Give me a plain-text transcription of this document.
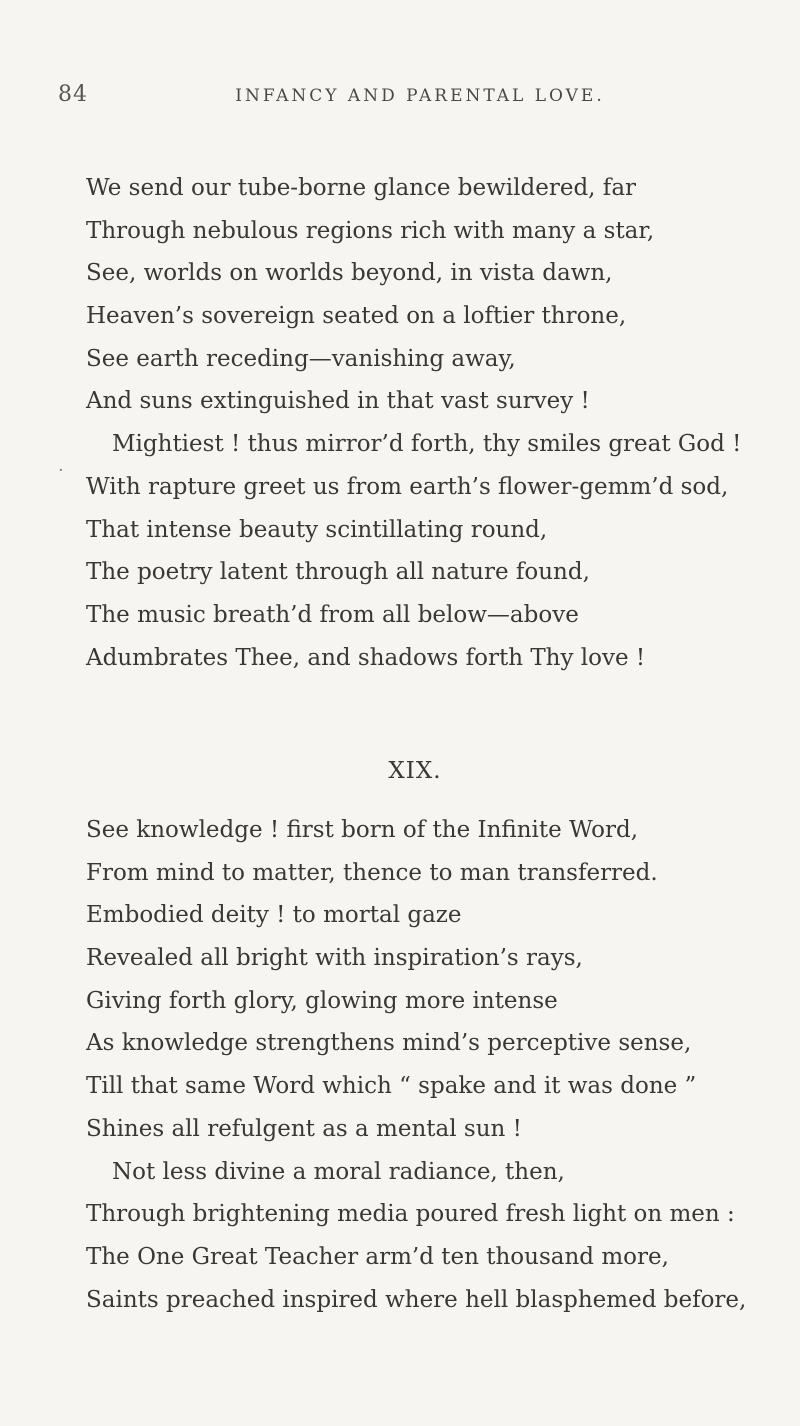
84	INFANCY AND PARENTAL LOVE.
·
We send our tube-borne glance bewildered, far
Through nebulous regions rich with many a star,
See, worlds on worlds beyond, in vista dawn,
Heaven’s sovereign seated on a loftier throne,
See earth receding—vanishing away,
And suns extinguished in that vast survey !
Mightiest ! thus mirror’d forth, thy smiles great God !
With rapture greet us from earth’s flower-gemm’d sod,
That intense beauty scintillating round,
The poetry latent through all nature found,
The music breath’d from all below—above
Adumbrates Thee, and shadows forth Thy love !
XIX.
See knowledge ! first born of the Infinite Word,
From mind to matter, thence to man transferred.
Embodied deity ! to mortal gaze
Revealed all bright with inspiration’s rays,
Giving forth glory, glowing more intense
As knowledge strengthens mind’s perceptive sense,
Till that same Word which “ spake and it was done ”
Shines all refulgent as a mental sun !
Not less divine a moral radiance, then,
Through brightening media poured fresh light on men :
The One Great Teacher arm’d ten thousand more,
Saints preached inspired where hell blasphemed before,
